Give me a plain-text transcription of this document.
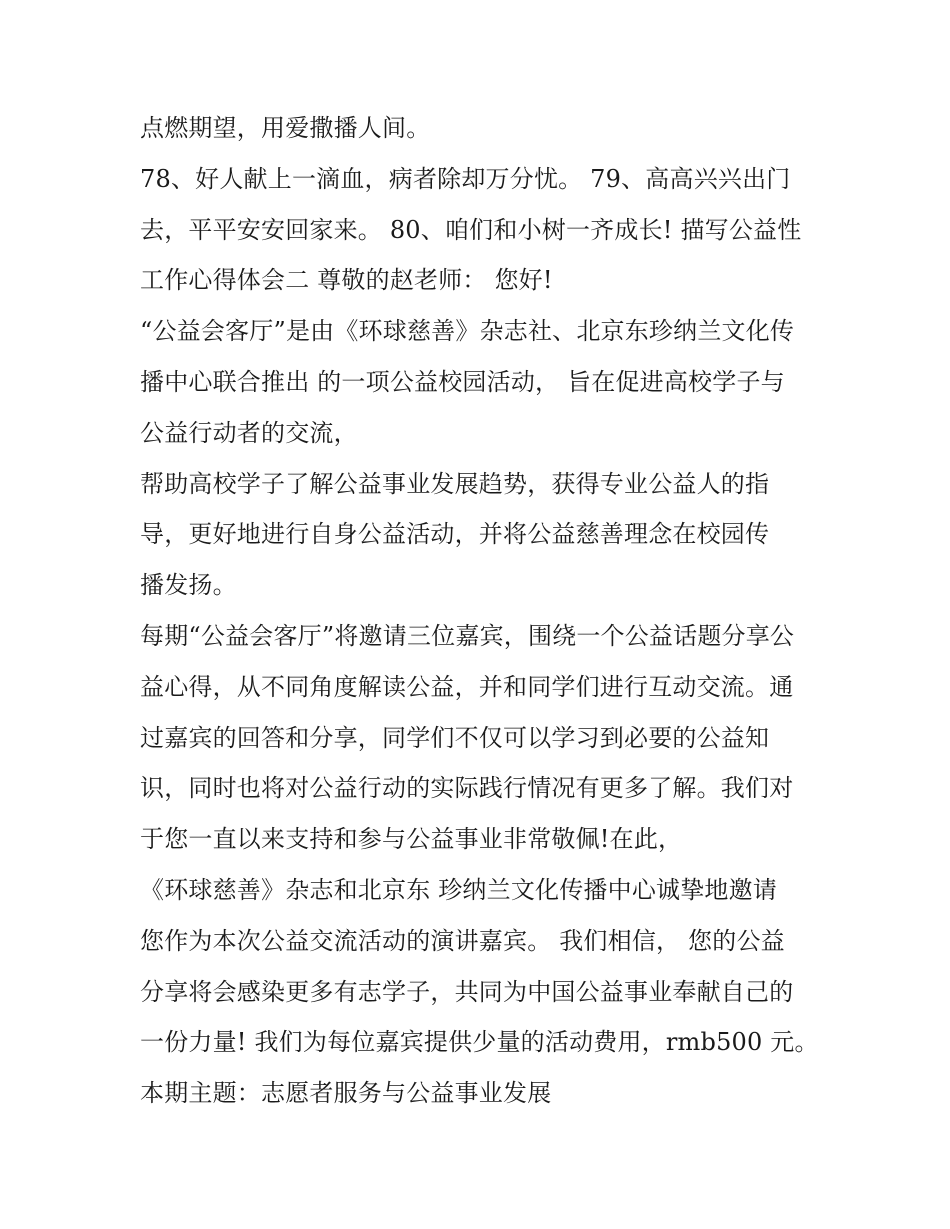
点燃期望，用爱撒播人间。
78、好人献上一滴血，病者除却万分忧。 79、高高兴兴出门
去，平平安安回家来。 80、咱们和小树一齐成长! 描写公益性
工作心得体会二 尊敬的赵老师： 您好!
“公益会客厅”是由《环球慈善》杂志社、北京东珍纳兰文化传
播中心联合推出 的一项公益校园活动， 旨在促进高校学子与
公益行动者的交流，
帮助高校学子了解公益事业发展趋势，获得专业公益人的指
导，更好地进行自身公益活动，并将公益慈善理念在校园传
播发扬。
每期“公益会客厅”将邀请三位嘉宾，围绕一个公益话题分享公
益心得，从不同角度解读公益，并和同学们进行互动交流。通
过嘉宾的回答和分享，同学们不仅可以学习到必要的公益知
识，同时也将对公益行动的实际践行情况有更多了解。我们对
于您一直以来支持和参与公益事业非常敬佩!在此，
《环球慈善》杂志和北京东 珍纳兰文化传播中心诚挚地邀请
您作为本次公益交流活动的演讲嘉宾。 我们相信， 您的公益
分享将会感染更多有志学子，共同为中国公益事业奉献自己的
一份力量! 我们为每位嘉宾提供少量的活动费用，rmb500 元。
本期主题：志愿者服务与公益事业发展
